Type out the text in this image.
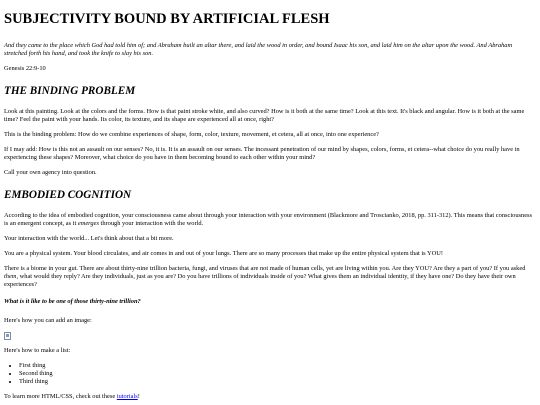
SUBJECTIVITY BOUND BY ARTIFICIAL FLESH

And they came to the place which God had told him of; and Abraham built an altar there, and laid the wood in order, and bound Isaac his son, and laid him on the altar upon the wood. And Abraham stretched forth his hand, and took the knife to slay his son.

Genesis 22:9-10

THE BINDING PROBLEM

Look at this painting. Look at the colors and the forms. How is that paint stroke white, and also curved? How is it both at the same time? Look at this text. It's black and angular. How is it both at the same time? Feel the paint with your hands. Its color, its texture, and its shape are experienced all at once, right?

This is the binding problem: How do we combine experiences of shape, form, color, texture, movement, et cetera, all at once, into one experience?

If I may add: How is this not an assault on our senses? No, it is. It is an assault on our senses. The incessant penetration of our mind by shapes, colors, forms, et cetera--what choice do you really have in experiencing these shapes? Moreover, what choice do you have in them becoming bound to each other within your mind?

Call your own agency into question.

EMBODIED COGNITION

According to the idea of embodied cognition, your consciousness came about through your interaction with your environment (Blackmore and Troscianko, 2018, pp. 311-312). This means that consciousness is an emergent concept, as it emerges through your interaction with the world.

Your interaction with the world... Let's think about that a bit more.

You are a physical system. Your blood circulates, and air comes in and out of your lungs. There are so many processes that make up the entire physical system that is YOU!

There is a biome in your gut. There are about thirty-nine trillion bacteria, fungi, and viruses that are not made of human cells, yet are living within you. Are they YOU? Are they a part of you? If you asked them, what would they reply? Are they individuals, just as you are? Do you have trillions of individuals inside of you? What gives them an individual identity, if they have one? Do they have their own experiences?

What is it like to be one of those thirty-nine trillion?

Here's how you can add an image:

Here's how to make a list:

• First thing
• Second thing
• Third thing

To learn more HTML/CSS, check out these tutorials!
